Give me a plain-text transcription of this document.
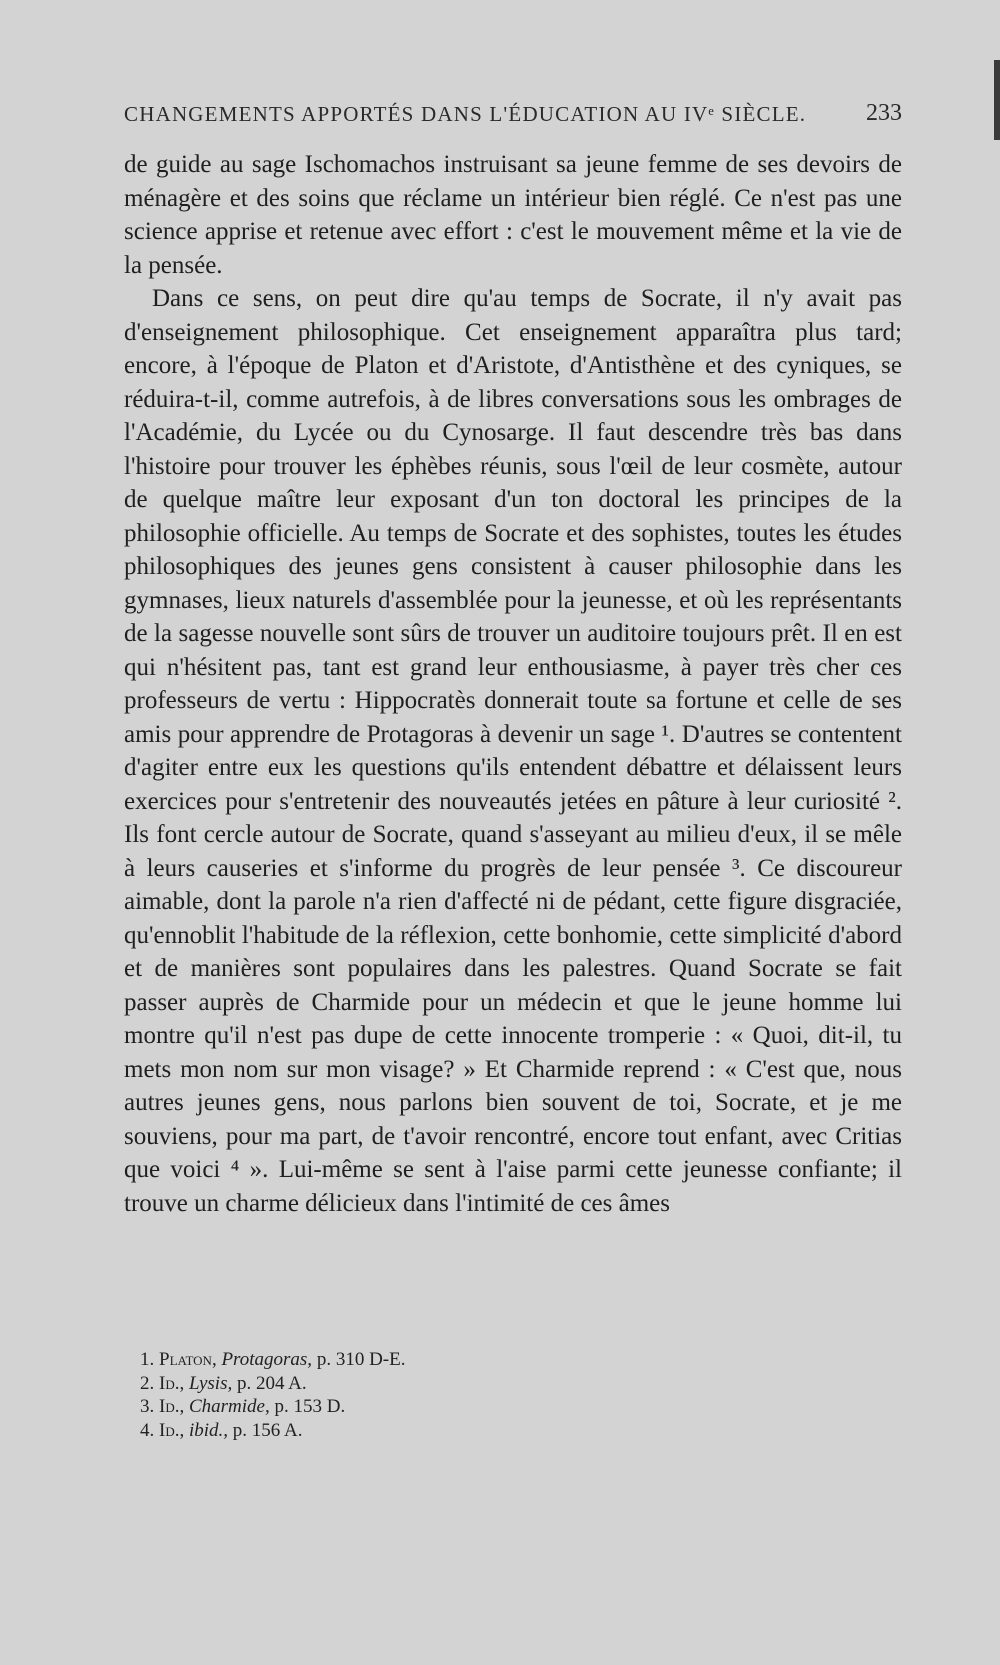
CHANGEMENTS APPORTÉS DANS L'ÉDUCATION AU IVᵉ SIÈCLE. 233

de guide au sage Ischomachos instruisant sa jeune femme de ses devoirs de ménagère et des soins que réclame un intérieur bien réglé. Ce n'est pas une science apprise et retenue avec effort : c'est le mouvement même et la vie de la pensée.

Dans ce sens, on peut dire qu'au temps de Socrate, il n'y avait pas d'enseignement philosophique. Cet enseignement apparaîtra plus tard; encore, à l'époque de Platon et d'Aristote, d'Antisthène et des cyniques, se réduira-t-il, comme autrefois, à de libres conversations sous les ombrages de l'Académie, du Lycée ou du Cynosarge. Il faut descendre très bas dans l'histoire pour trouver les éphèbes réunis, sous l'œil de leur cosmète, autour de quelque maître leur exposant d'un ton doctoral les principes de la philosophie officielle. Au temps de Socrate et des sophistes, toutes les études philosophiques des jeunes gens consistent à causer philosophie dans les gymnases, lieux naturels d'assemblée pour la jeunesse, et où les représentants de la sagesse nouvelle sont sûrs de trouver un auditoire toujours prêt. Il en est qui n'hésitent pas, tant est grand leur enthousiasme, à payer très cher ces professeurs de vertu : Hippocratès donnerait toute sa fortune et celle de ses amis pour apprendre de Protagoras à devenir un sage ¹. D'autres se contentent d'agiter entre eux les questions qu'ils entendent débattre et délaissent leurs exercices pour s'entretenir des nouveautés jetées en pâture à leur curiosité ². Ils font cercle autour de Socrate, quand s'asseyant au milieu d'eux, il se mêle à leurs causeries et s'informe du progrès de leur pensée ³. Ce discoureur aimable, dont la parole n'a rien d'affecté ni de pédant, cette figure disgraciée, qu'ennoblit l'habitude de la réflexion, cette bonhomie, cette simplicité d'abord et de manières sont populaires dans les palestres. Quand Socrate se fait passer auprès de Charmide pour un médecin et que le jeune homme lui montre qu'il n'est pas dupe de cette innocente tromperie : « Quoi, dit-il, tu mets mon nom sur mon visage? » Et Charmide reprend : « C'est que, nous autres jeunes gens, nous parlons bien souvent de toi, Socrate, et je me souviens, pour ma part, de t'avoir rencontré, encore tout enfant, avec Critias que voici ⁴ ». Lui-même se sent à l'aise parmi cette jeunesse confiante; il trouve un charme délicieux dans l'intimité de ces âmes

1. Platon, Protagoras, p. 310 D-E.
2. Id., Lysis, p. 204 A.
3. Id., Charmide, p. 153 D.
4. Id., ibid., p. 156 A.
